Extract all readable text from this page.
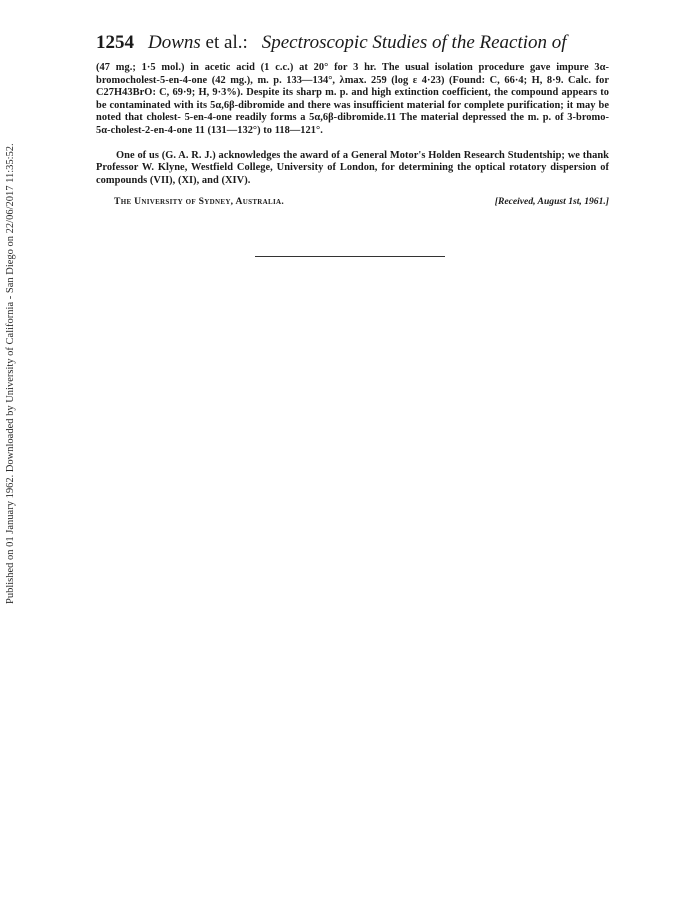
Published on 01 January 1962. Downloaded by University of California - San Diego on 22/06/2017 11:35:52.
1254 Downs et al.: Spectroscopic Studies of the Reaction of

(47 mg.; 1·5 mol.) in acetic acid (1 c.c.) at 20° for 3 hr. The usual isolation procedure gave impure 3α-bromocholest-5-en-4-one (42 mg.), m. p. 133—134°, λmax. 259 (log ε 4·23) (Found: C, 66·4; H, 8·9. Calc. for C27H43BrO: C, 69·9; H, 9·3%). Despite its sharp m. p. and high extinction coefficient, the compound appears to be contaminated with its 5α,6β-dibromide and there was insufficient material for complete purification; it may be noted that cholest- 5-en-4-one readily forms a 5α,6β-dibromide.11 The material depressed the m. p. of 3-bromo- 5α-cholest-2-en-4-one 11 (131—132°) to 118—121°.

One of us (G. A. R. J.) acknowledges the award of a General Motor's Holden Research Studentship; we thank Professor W. Klyne, Westfield College, University of London, for determining the optical rotatory dispersion of compounds (VII), (XI), and (XIV).

The University of Sydney, Australia.	[Received, August 1st, 1961.]
